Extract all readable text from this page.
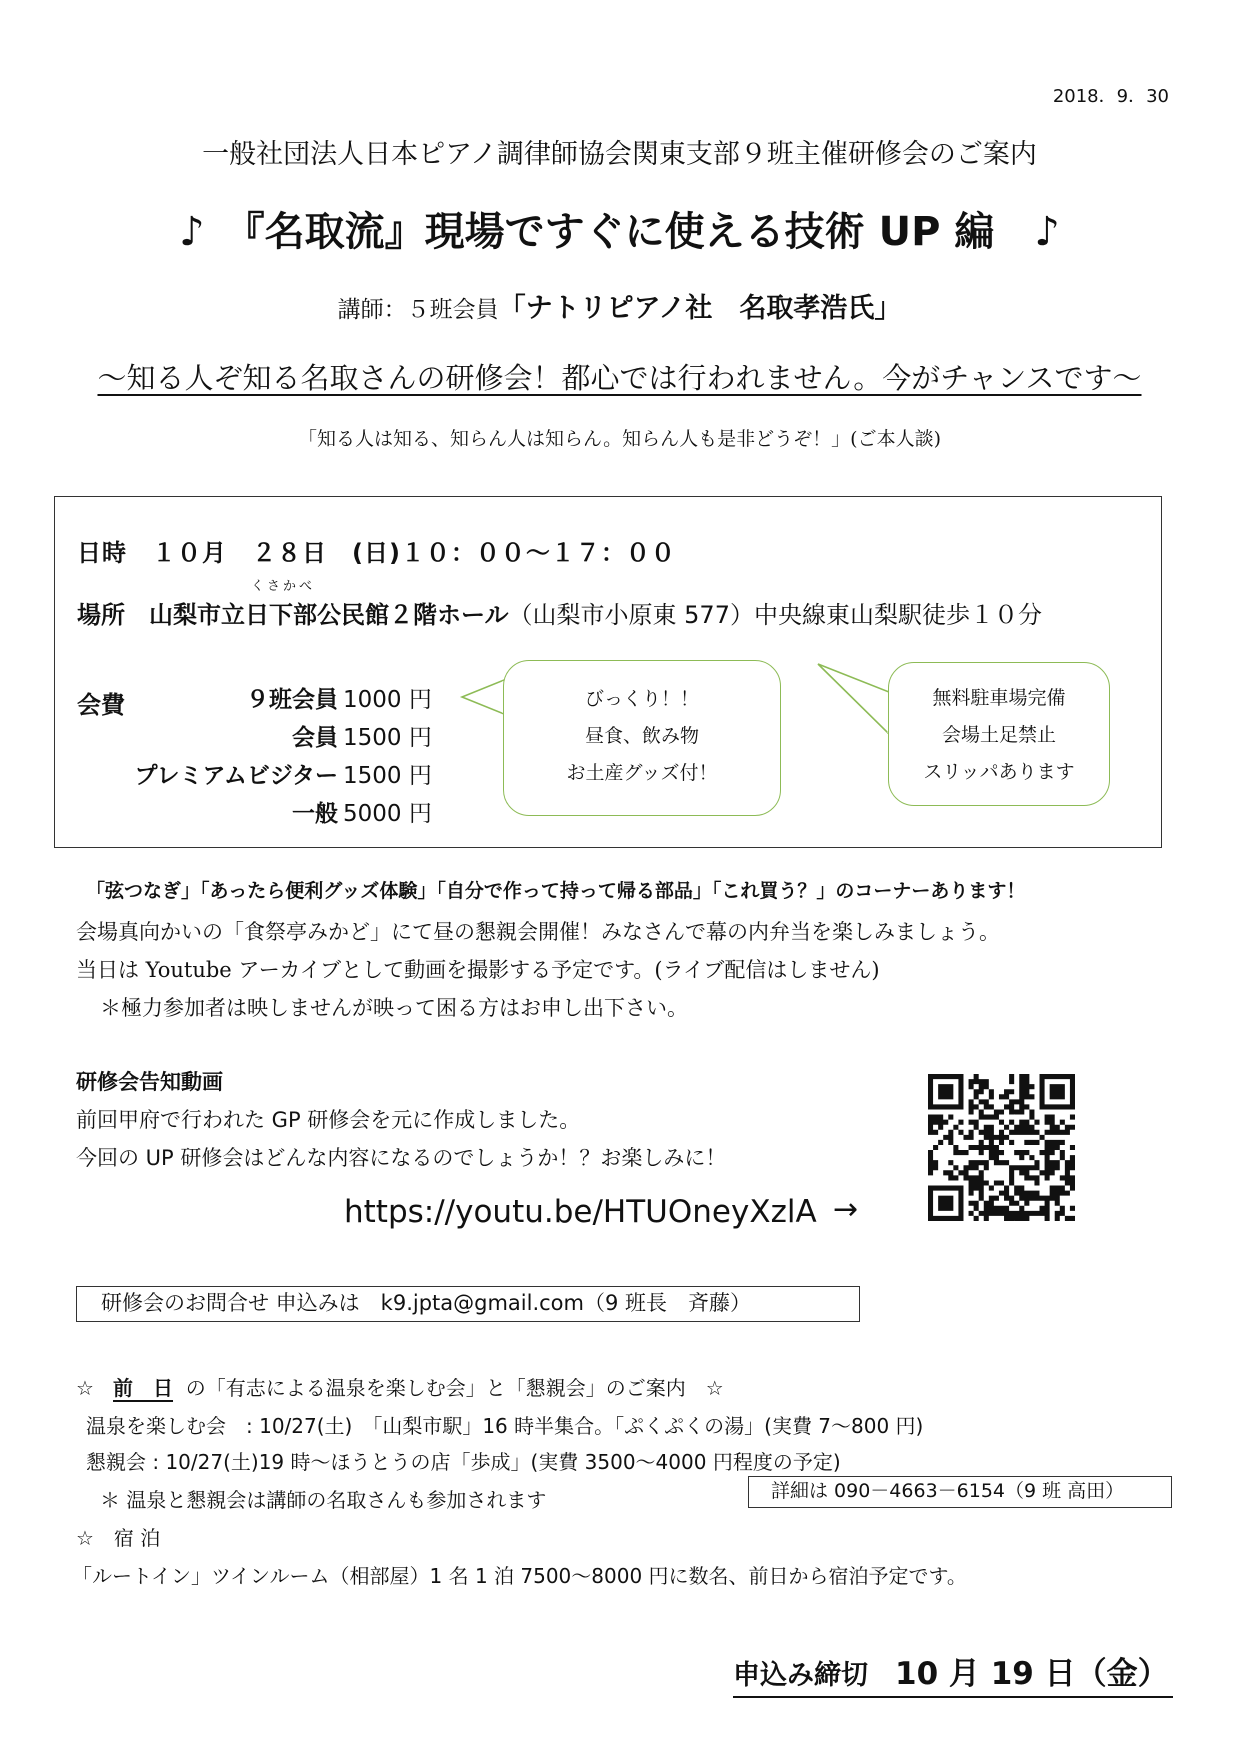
2018．9．30
一般社団法人日本ピアノ調律師協会関東支部９班主催研修会のご案内
♪　『名取流』現場ですぐに使える技術 UP 編　♪
講師：５班会員「ナトリピアノ社　名取孝浩氏」
～知る人ぞ知る名取さんの研修会！都心では行われません。今がチャンスです～
「知る人は知る、知らん人は知らん。知らん人も是非どうぞ！」(ご本人談)
日時　１０月　２８日　(日)１０：００～１７：００
くさかべ
場所　山梨市立日下部公民館２階ホール（山梨市小原東 577）中央線東山梨駅徒歩１０分
会費	９班会員 1000 円
会員 1500 円
プレミアムビジター 1500 円
一般 5000 円
びっくり！！
昼食、飲み物
お土産グッズ付！
無料駐車場完備
会場土足禁止
スリッパあります
「弦つなぎ」「あったら便利グッズ体験」「自分で作って持って帰る部品」「これ買う？」のコーナーあります！
会場真向かいの「食祭亭みかど」にて昼の懇親会開催！みなさんで幕の内弁当を楽しみましょう。
当日は Youtube アーカイブとして動画を撮影する予定です。(ライブ配信はしません)
＊極力参加者は映しませんが映って困る方はお申し出下さい。
研修会告知動画
前回甲府で行われた GP 研修会を元に作成しました。
今回の UP 研修会はどんな内容になるのでしょうか！？お楽しみに！
https://youtu.be/HTUOneyXzlA →
研修会のお問合せ 申込みは　k9.jpta@gmail.com（9 班長　斉藤）
☆ 前　日 の「有志による温泉を楽しむ会」と「懇親会」のご案内　☆
温泉を楽しむ会　: 10/27(土)　「山梨市駅」16 時半集合。「ぷくぷくの湯」(実費 7～800 円)
懇親会 : 10/27(土)19 時～ほうとうの店「歩成」(実費 3500～4000 円程度の予定)
＊ 温泉と懇親会は講師の名取さんも参加されます	詳細は 090－4663－6154（9 班 高田）
☆　宿 泊
「ルートイン」ツインルーム（相部屋）1 名 1 泊 7500～8000 円に数名、前日から宿泊予定です。
申込み締切　10 月 19 日（金）
